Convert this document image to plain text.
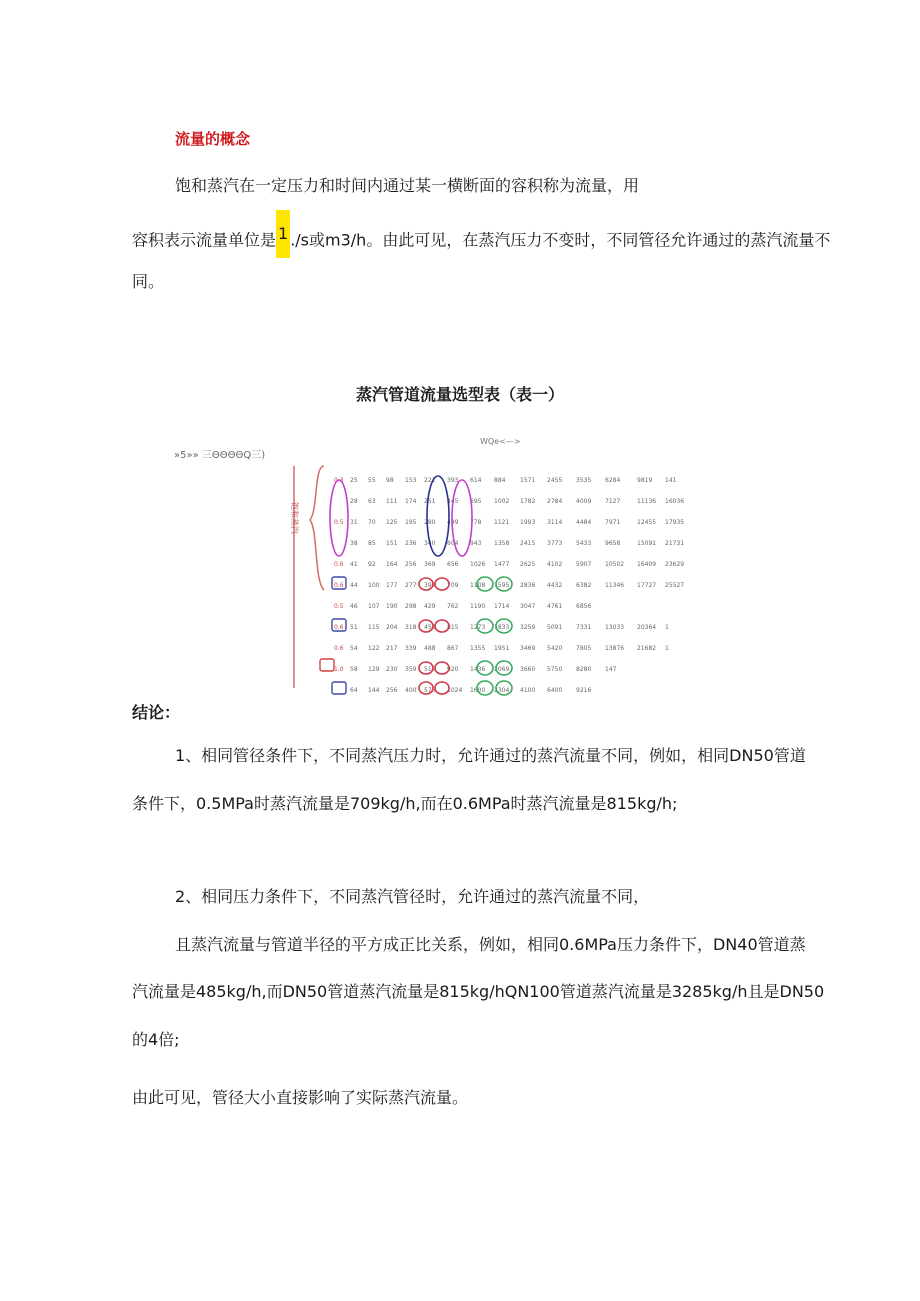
流量的概念
饱和蒸汽在一定压力和时间内通过某一横断面的容积称为流量，用
容积表示流量单位是 1 ./s或m3∕h。由此可见，在蒸汽压力不变时，不同管径允许通过的蒸汽流量不
同。
蒸汽管道流量选型表（表一）
WQe<—>
»5»» 三ΘΘΘΘQ三)
饱和蒸汽
0.3 25 55 98 153 221 393 614 884 1571 2455 3535 6284	9819 141
28 63 111 174 251 445 695 1002 1782 2784 4009 7127	11136 16036
0.5 31 70 125 195 280 499 778 1121 1993 3114 4484 7971	12455 17935
38 85 151 236 340 604 943 1358 2415 3773 5433 9658	15091 21731
0.6 41 92 164 256 369 656 1026 1477 2625 4102 5907 10502 16409 23629
0.6 44 100 177 277 399 709 1108 1595 2836 4432 6382 11346 17727 25527
0.5 46 107 190 298 429 762 1190 1714 3047 4761 6856
0.6 51 115 204 318 458 815 1273 1833 3259 5091 7331 13033 20364 1
0.6 54 122 217 339 488 867 1355 1951 3469 5420 7805 13876 21682 1
1.0 58 129 230 359 516 920 1436 2069 3660 5750 8280 147
64 144 256 400 576 1024 1600 2304 4100 6400 9216
结论：
1、相同管径条件下，不同蒸汽压力时，允许通过的蒸汽流量不同，例如，相同DN50管道
条件下，0.5MPa时蒸汽流量是709kg∕h,而在0.6MPa时蒸汽流量是815kg∕h;
2、相同压力条件下，不同蒸汽管径时，允许通过的蒸汽流量不同，
且蒸汽流量与管道半径的平方成正比关系，例如，相同0.6MPa压力条件下，DN40管道蒸
汽流量是485kg∕h,而DN50管道蒸汽流量是815kg∕hQN100管道蒸汽流量是3285kg∕h且是DN50
的4倍;
由此可见，管径大小直接影响了实际蒸汽流量。
